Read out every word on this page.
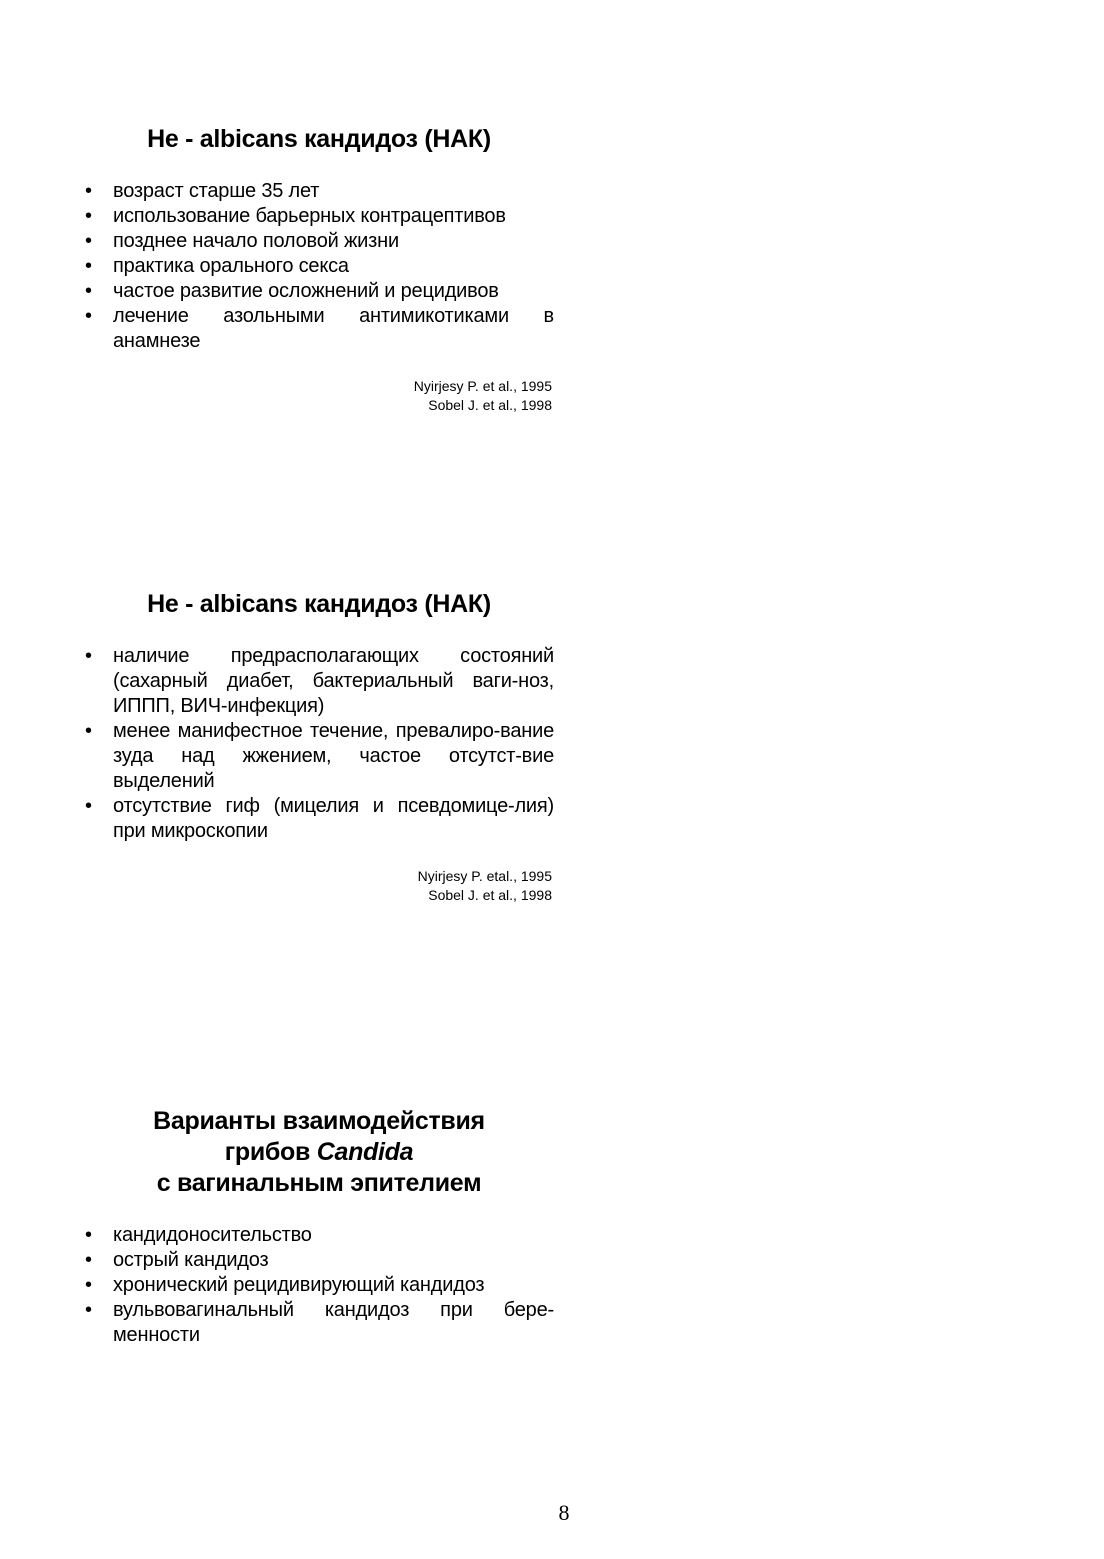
Не - albicans кандидоз (НАК)
•	возраст старше 35 лет
•	использование барьерных контрацептивов
•	позднее начало половой жизни
•	практика орального секса
•	частое развитие осложнений и рецидивов
•	лечение азольными антимикотиками в анамнезе
Nyirjesy P. et al., 1995
Sobel J. et al., 1998
Не - albicans кандидоз (НАК)
•	наличие предрасполагающих состояний (сахарный диабет, бактериальный ваги-ноз, ИППП, ВИЧ-инфекция)
•	менее манифестное течение, превалиро-вание зуда над жжением, частое отсутст-вие выделений
•	отсутствие гиф (мицелия и псевдомице-лия) при микроскопии
Nyirjesy P. etal., 1995
Sobel J. et al., 1998
Варианты взаимодействия
грибов Candida
с вагинальным эпителием
•	кандидоносительство
•	острый кандидоз
•	хронический рецидивирующий кандидоз
•	вульвовагинальный кандидоз при бере-менности
8
